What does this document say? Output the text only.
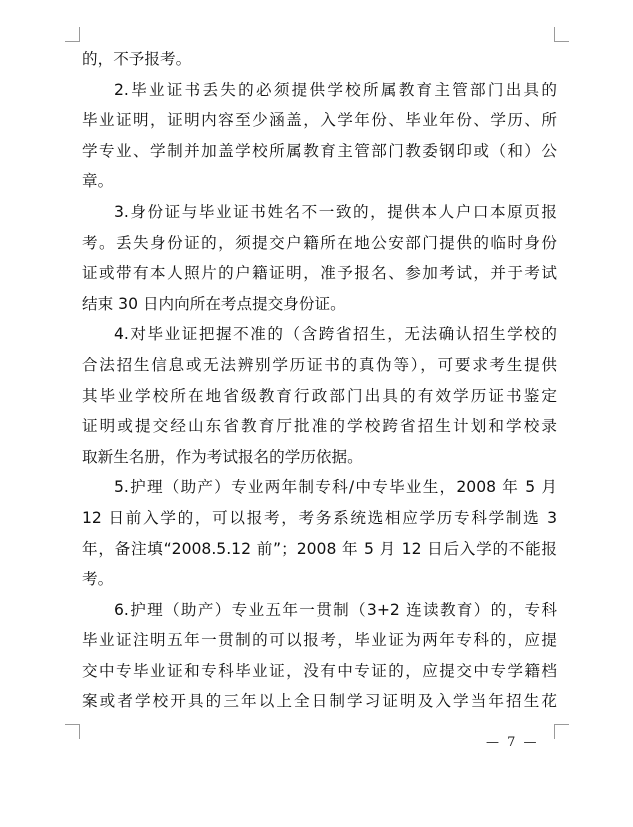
的，不予报考。
2.毕业证书丢失的必须提供学校所属教育主管部门出具的
毕业证明，证明内容至少涵盖，入学年份、毕业年份、学历、所
学专业、学制并加盖学校所属教育主管部门教委钢印或（和）公
章。
3.身份证与毕业证书姓名不一致的，提供本人户口本原页报
考。丢失身份证的，须提交户籍所在地公安部门提供的临时身份
证或带有本人照片的户籍证明，准予报名、参加考试，并于考试
结束 30 日内向所在考点提交身份证。
4.对毕业证把握不准的（含跨省招生，无法确认招生学校的
合法招生信息或无法辨别学历证书的真伪等），可要求考生提供
其毕业学校所在地省级教育行政部门出具的有效学历证书鉴定
证明或提交经山东省教育厅批准的学校跨省招生计划和学校录
取新生名册，作为考试报名的学历依据。
5.护理（助产）专业两年制专科/中专毕业生，2008 年 5 月
12 日前入学的，可以报考，考务系统选相应学历专科学制选 3
年，备注填“2008.5.12 前”；2008 年 5 月 12 日后入学的不能报
考。
6.护理（助产）专业五年一贯制（3+2 连读教育）的，专科
毕业证注明五年一贯制的可以报考，毕业证为两年专科的，应提
交中专毕业证和专科毕业证，没有中专证的，应提交中专学籍档
案或者学校开具的三年以上全日制学习证明及入学当年招生花
— 7 —
